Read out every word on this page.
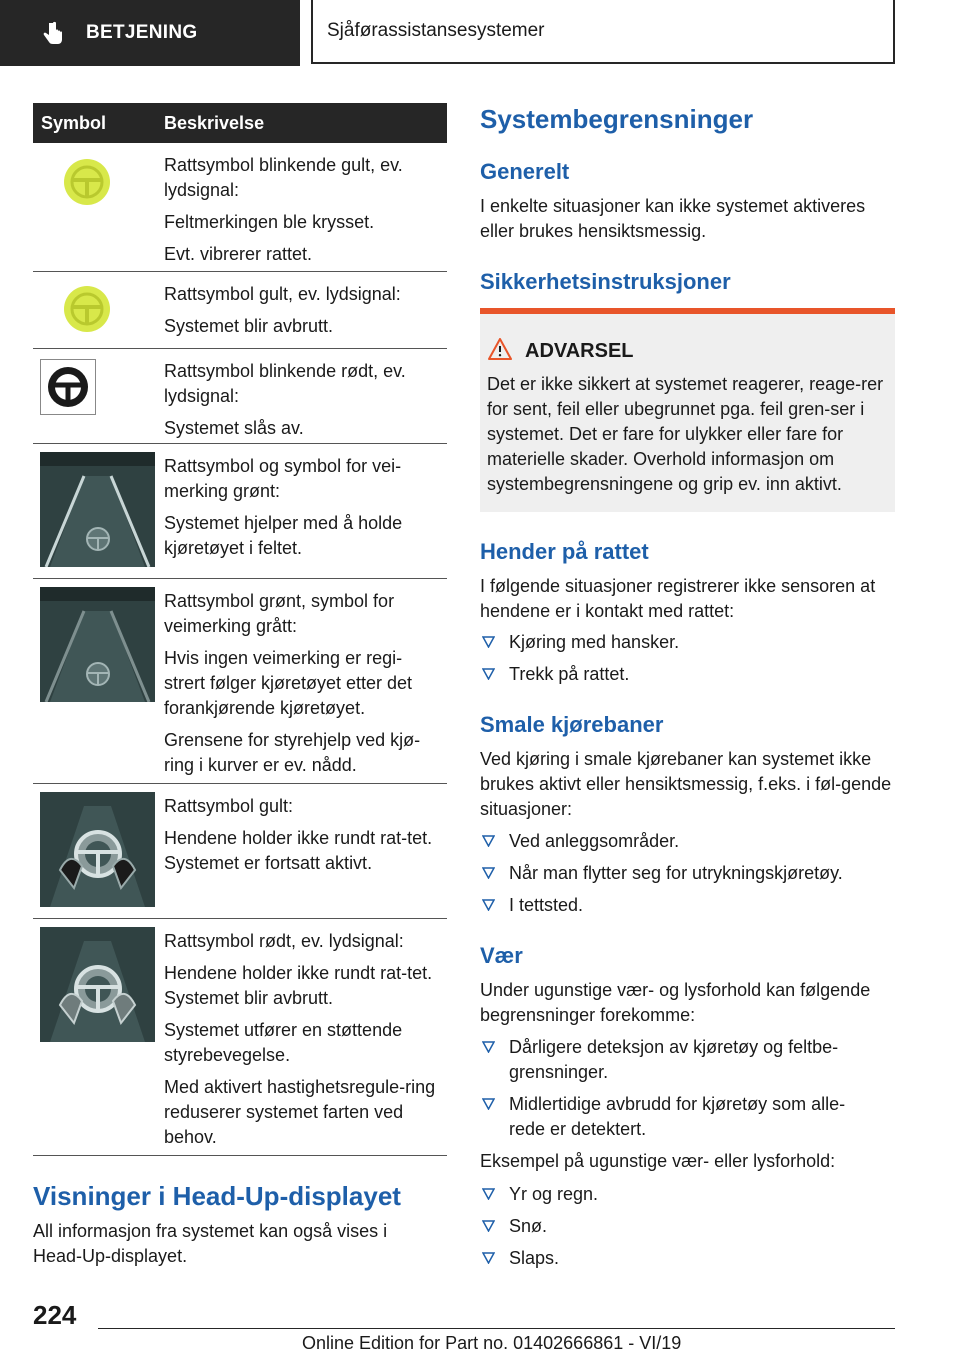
BETJENING	Sjåførassistansesystemer
Symbol	Beskrivelse

Rattsymbol blinkende gult, ev. lydsignal:

Feltmerkingen ble krysset.

Evt. vibrerer rattet.

Rattsymbol gult, ev. lydsignal:

Systemet blir avbrutt.

Rattsymbol blinkende rødt, ev. lydsignal:

Systemet slås av.

Rattsymbol og symbol for vei-merking grønt:

Systemet hjelper med å holde kjøretøyet i feltet.

Rattsymbol grønt, symbol for veimerking grått:

Hvis ingen veimerking er regi-strert følger kjøretøyet etter det forankjørende kjøretøyet.

Grensene for styrehjelp ved kjø-ring i kurver er ev. nådd.

Rattsymbol gult:

Hendene holder ikke rundt rat-tet. Systemet er fortsatt aktivt.

Rattsymbol rødt, ev. lydsignal:

Hendene holder ikke rundt rat-tet. Systemet blir avbrutt.

Systemet utfører en støttende styrebevegelse.

Med aktivert hastighetsregule-ring reduserer systemet farten ved behov.

Visninger i Head-Up-displayet
All informasjon fra systemet kan også vises i Head-Up-displayet.
Systembegrensninger
Generelt
I enkelte situasjoner kan ikke systemet aktiveres eller brukes hensiktsmessig.
Sikkerhetsinstruksjoner
ADVARSEL
Det er ikke sikkert at systemet reagerer, reage-rer for sent, feil eller ubegrunnet pga. feil gren-ser i systemet. Det er fare for ulykker eller fare for materielle skader. Overhold informasjon om systembegrensningene og grip ev. inn aktivt.
Hender på rattet
I følgende situasjoner registrerer ikke sensoren at hendene er i kontakt med rattet:
Kjøring med hansker.
Trekk på rattet.
Smale kjørebaner
Ved kjøring i smale kjørebaner kan systemet ikke brukes aktivt eller hensiktsmessig, f.eks. i føl-gende situasjoner:
Ved anleggsområder.
Når man flytter seg for utrykningskjøretøy.
I tettsted.
Vær
Under ugunstige vær- og lysforhold kan følgende begrensninger forekomme:
Dårligere deteksjon av kjøretøy og feltbe-grensninger.
Midlertidige avbrudd for kjøretøy som alle-rede er detektert.
Eksempel på ugunstige vær- eller lysforhold:
Yr og regn.
Snø.
Slaps.
224
Online Edition for Part no. 01402666861 - VI/19
